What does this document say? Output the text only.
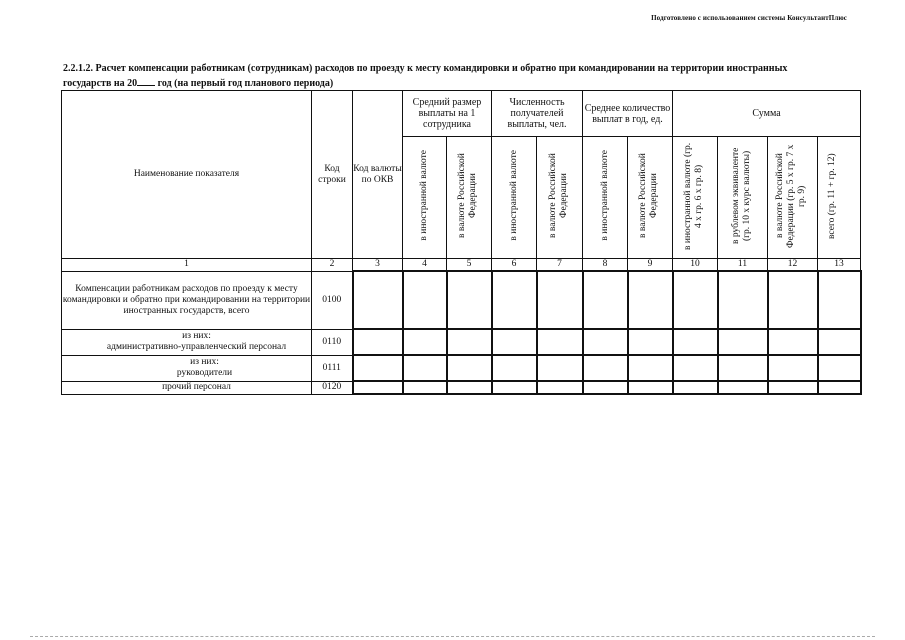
Подготовлено с использованием системы КонсультантПлюс
2.2.1.2. Расчет компенсации работникам (сотрудникам) расходов по проезду к месту командировки и обратно при командировании на территории иностранных
государств на 20 год (на первый год планового периода)
Наименование показателя	Код строки	Код валюты по ОКВ	Средний размер выплаты на 1 сотрудника		Численность получателей выплаты, чел.		Среднее количество выплат в год, ед.		Сумма			
			в иностранной валюте	в валюте Российской Федерации	в иностранной валюте	в валюте Российской Федерации	в иностранной валюте	в валюте Российской Федерации	в иностранной валюте (гр. 4 х гр. 6 х гр. 8)	в рублевом эквиваленте (гр. 10 х курс валюты)	в валюте Российской Федерации (гр. 5 х гр. 7 х гр. 9)	всего (гр. 11 + гр. 12)
1	2	3	4	5	6	7	8	9	10	11	12	13
Компенсации работникам расходов по проезду к месту командировки и обратно при командировании на территории иностранных государств, всего	0100											

из них:
административно-управленческий персонал	0110											

из них:
руководители	0111											

прочий персонал	0120											
